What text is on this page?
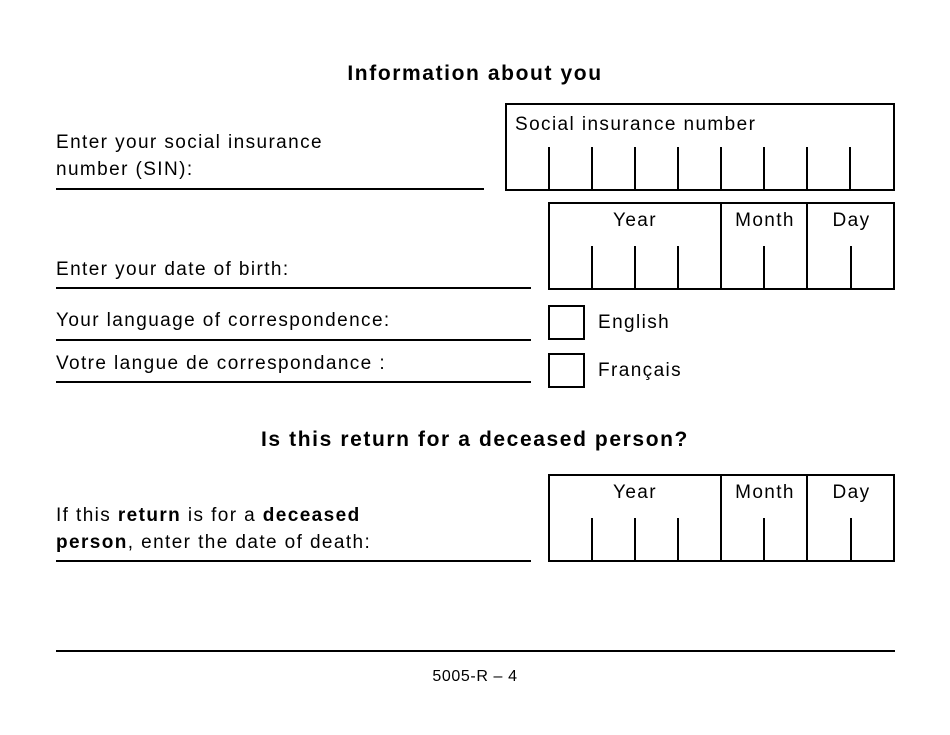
Information about you
Enter your social insurance
number (SIN):
Social insurance number
Enter your date of birth:
Year	Month	Day
Your language of correspondence:
Votre langue de correspondance :
English
Français
Is this return for a deceased person?
If this return is for a deceased
person, enter the date of death:
Year	Month	Day
5005-R – 4
